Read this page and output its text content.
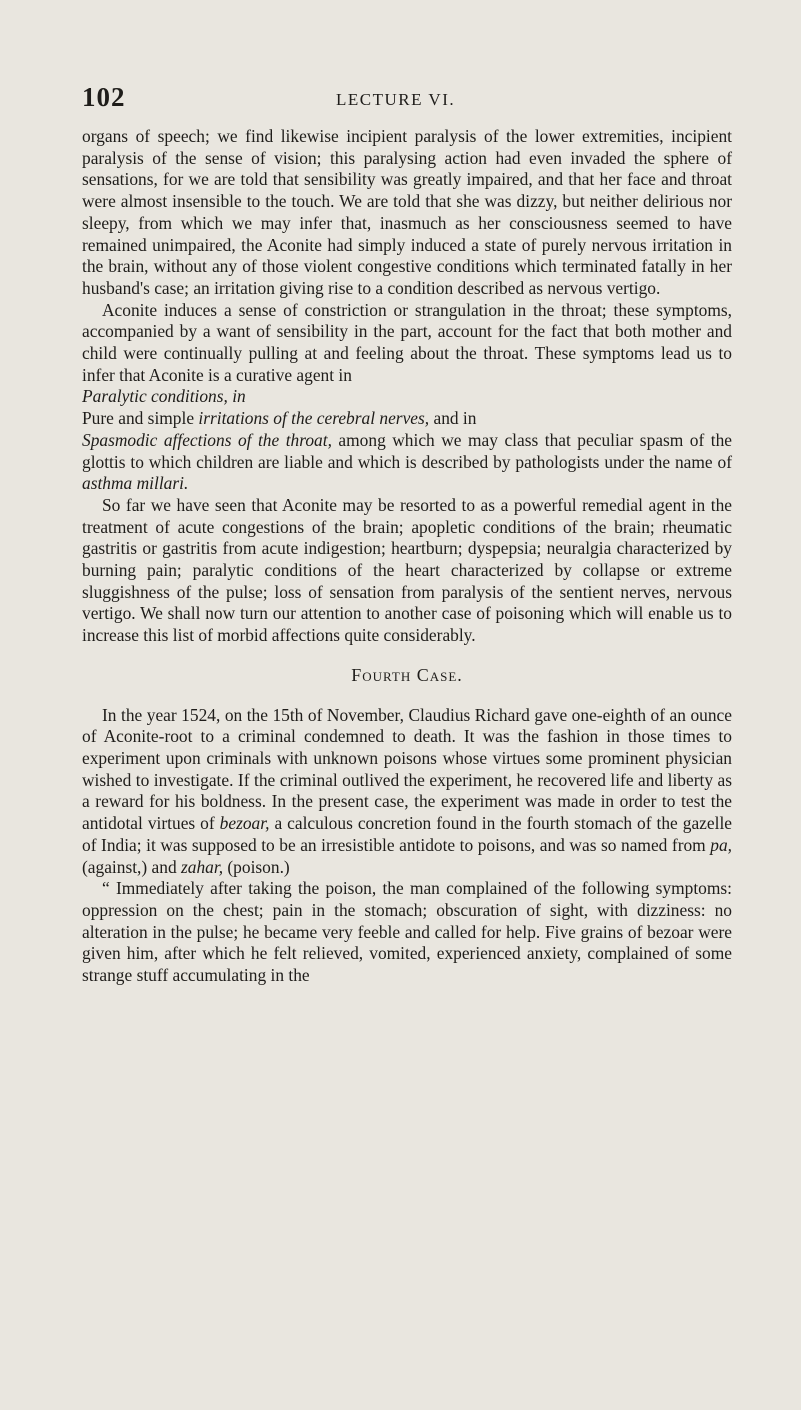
102	LECTURE VI.

organs of speech; we find likewise incipient paralysis of the lower extremities, incipient paralysis of the sense of vision; this paralysing action had even invaded the sphere of sensations, for we are told that sensibility was greatly impaired, and that her face and throat were almost insensible to the touch. We are told that she was dizzy, but neither delirious nor sleepy, from which we may infer that, inasmuch as her consciousness seemed to have remained unimpaired, the Aconite had simply induced a state of purely nervous irritation in the brain, without any of those violent congestive conditions which terminated fatally in her husband's case; an irritation giving rise to a condition described as nervous vertigo.

Aconite induces a sense of constriction or strangulation in the throat; these symptoms, accompanied by a want of sensibility in the part, account for the fact that both mother and child were continually pulling at and feeling about the throat. These symptoms lead us to infer that Aconite is a curative agent in

Paralytic conditions, in

Pure and simple irritations of the cerebral nerves, and in

Spasmodic affections of the throat, among which we may class that peculiar spasm of the glottis to which children are liable and which is described by pathologists under the name of asthma millari.

So far we have seen that Aconite may be resorted to as a powerful remedial agent in the treatment of acute congestions of the brain; apopletic conditions of the brain; rheumatic gastritis or gastritis from acute indigestion; heartburn; dyspepsia; neuralgia characterized by burning pain; paralytic conditions of the heart characterized by collapse or extreme sluggishness of the pulse; loss of sensation from paralysis of the sentient nerves, nervous vertigo. We shall now turn our attention to another case of poisoning which will enable us to increase this list of morbid affections quite considerably.

Fourth Case.

In the year 1524, on the 15th of November, Claudius Richard gave one-eighth of an ounce of Aconite-root to a criminal condemned to death. It was the fashion in those times to experiment upon criminals with unknown poisons whose virtues some prominent physician wished to investigate. If the criminal outlived the experiment, he recovered life and liberty as a reward for his boldness. In the present case, the experiment was made in order to test the antidotal virtues of bezoar, a calculous concretion found in the fourth stomach of the gazelle of India; it was supposed to be an irresistible antidote to poisons, and was so named from pa, (against,) and zahar, (poison.)

“ Immediately after taking the poison, the man complained of the following symptoms: oppression on the chest; pain in the stomach; obscuration of sight, with dizziness: no alteration in the pulse; he became very feeble and called for help. Five grains of bezoar were given him, after which he felt relieved, vomited, experienced anxiety, complained of some strange stuff accumulating in the
